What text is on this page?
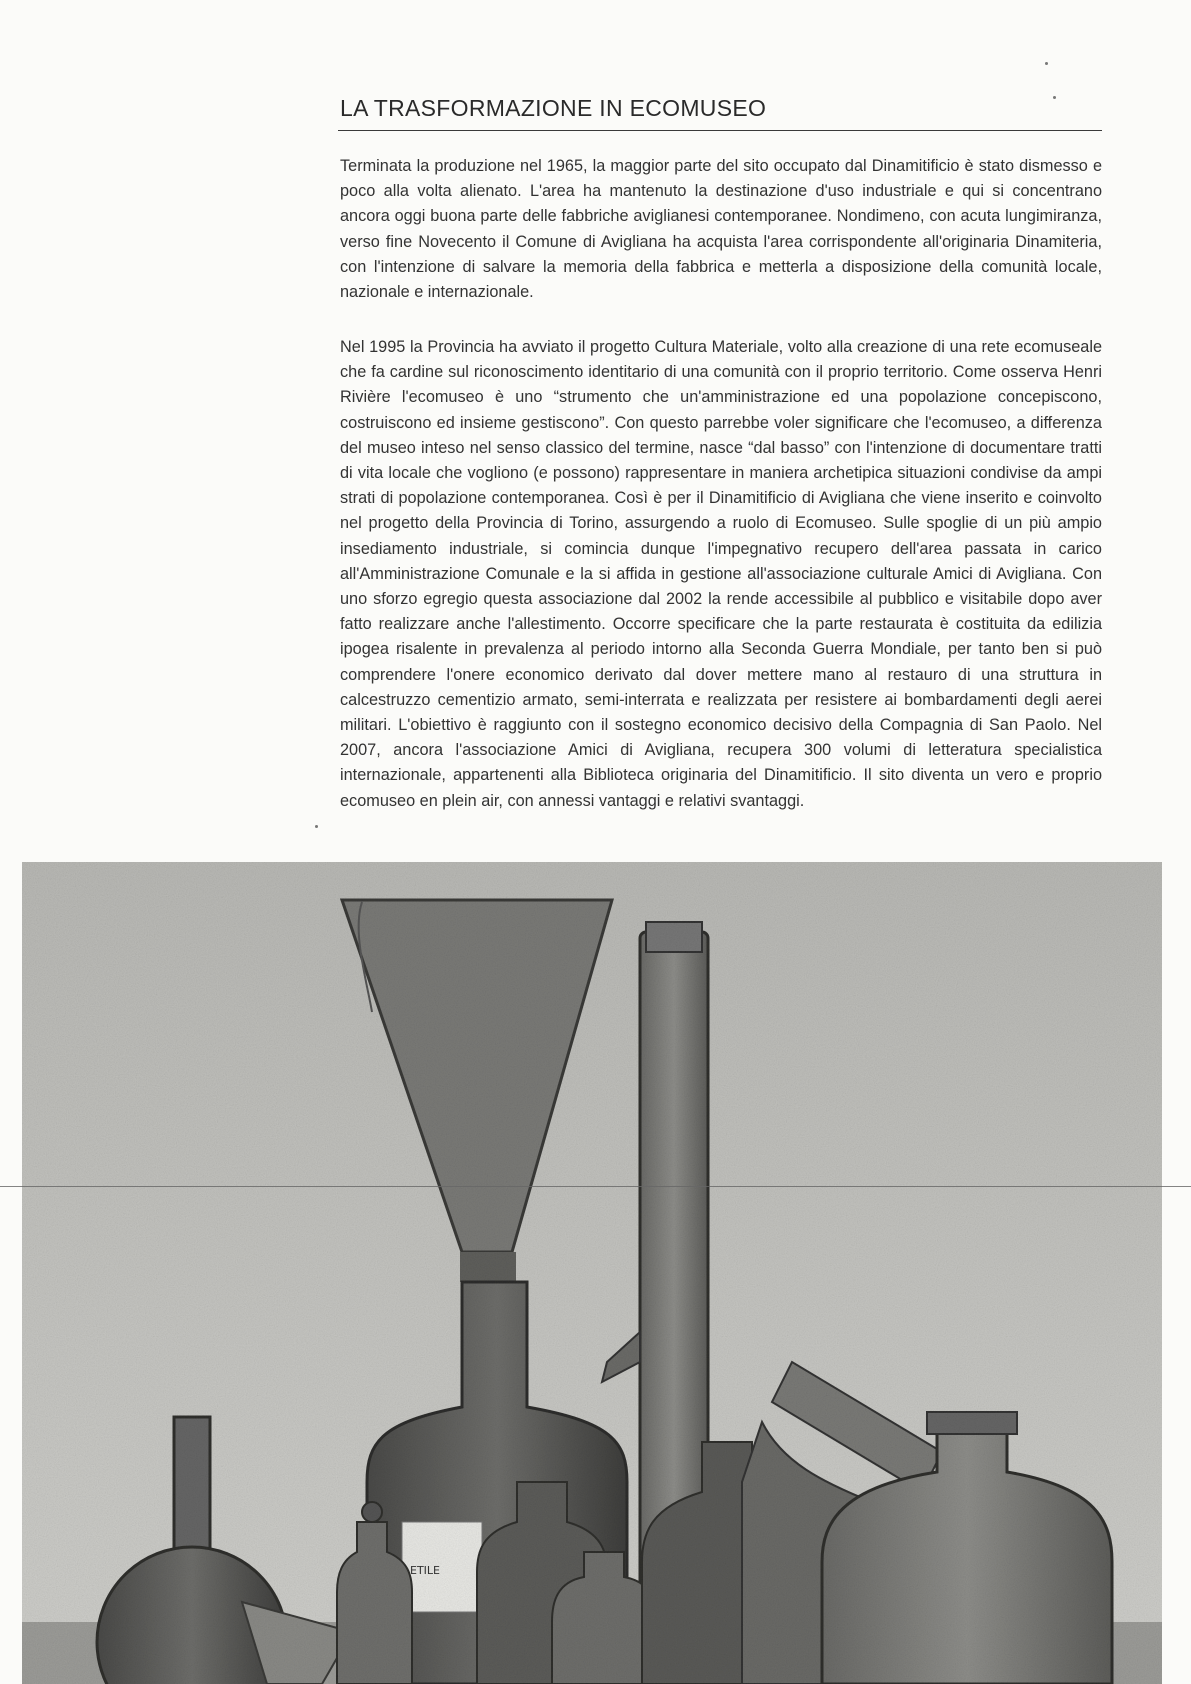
LA TRASFORMAZIONE IN ECOMUSEO

Terminata la produzione nel 1965, la maggior parte del sito occupato dal Dinamitificio è stato dismesso e poco alla volta alienato. L'area ha mantenuto la destinazione d'uso industriale e qui si concentrano ancora oggi buona parte delle fabbriche aviglianesi contemporanee. Nondimeno, con acuta lungimiranza, verso fine Novecento il Comune di Avigliana ha acquista l'area corrispondente all'originaria Dinamiteria, con l'intenzione di salvare la memoria della fabbrica e metterla a disposizione della comunità locale, nazionale e internazionale.

Nel 1995 la Provincia ha avviato il progetto Cultura Materiale, volto alla creazione di una rete ecomuseale che fa cardine sul riconoscimento identitario di una comunità con il proprio territorio. Come osserva Henri Rivière l'ecomuseo è uno “strumento che un'amministrazione ed una popolazione concepiscono, costruiscono ed insieme gestiscono”. Con questo parrebbe voler significare che l'ecomuseo, a differenza del museo inteso nel senso classico del termine, nasce “dal basso” con l'intenzione di documentare tratti di vita locale che vogliono (e possono) rappresentare in maniera archetipica situazioni condivise da ampi strati di popolazione contemporanea. Così è per il Dinamitificio di Avigliana che viene inserito e coinvolto nel progetto della Provincia di Torino, assurgendo a ruolo di Ecomuseo. Sulle spoglie di un più ampio insediamento industriale, si comincia dunque l'impegnativo recupero dell'area passata in carico all'Amministrazione Comunale e la si affida in gestione all'associazione culturale Amici di Avigliana. Con uno sforzo egregio questa associazione dal 2002 la rende accessibile al pubblico e visitabile dopo aver fatto realizzare anche l'allestimento. Occorre specificare che la parte restaurata è costituita da edilizia ipogea risalente in prevalenza al periodo intorno alla Seconda Guerra Mondiale, per tanto ben si può comprendere l'onere economico derivato dal dover mettere mano al restauro di una struttura in calcestruzzo cementizio armato, semi-interrata e realizzata per resistere ai bombardamenti degli aerei militari. L'obiettivo è raggiunto con il sostegno economico decisivo della Compagnia di San Paolo. Nel 2007, ancora l'associazione Amici di Avigliana, recupera 300 volumi di letteratura specialistica internazionale, appartenenti alla Biblioteca originaria del Dinamitificio. Il sito diventa un vero e proprio ecomuseo en plein air, con annessi vantaggi e relativi svantaggi.

ETILE
